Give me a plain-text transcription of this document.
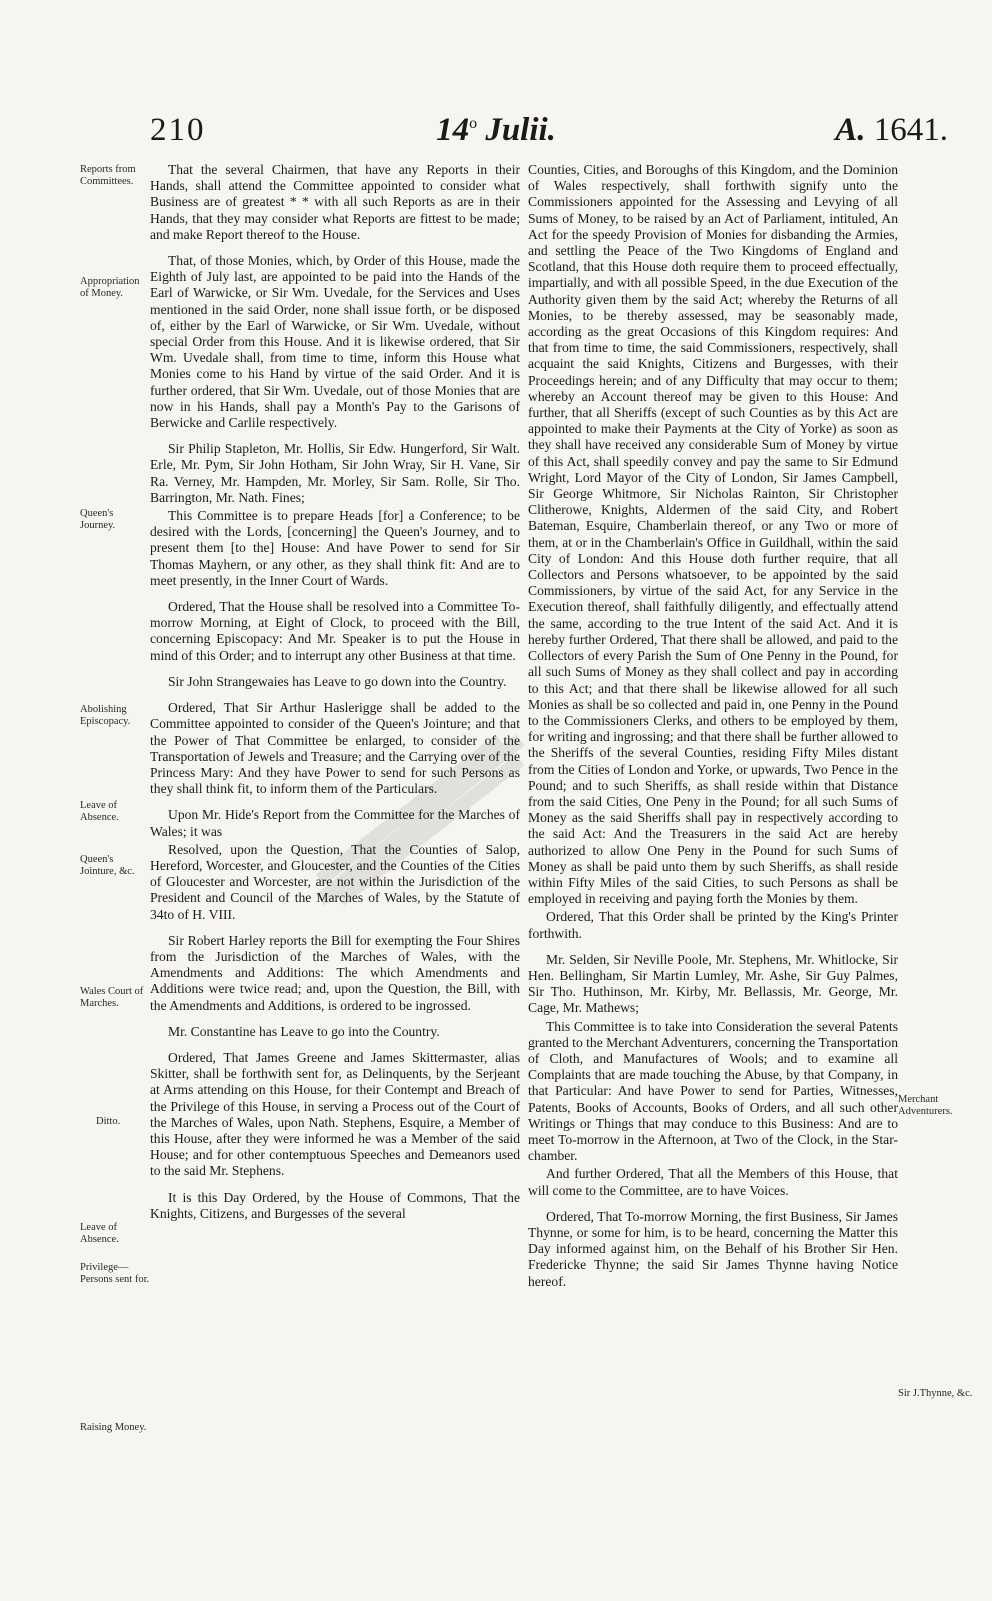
210	14$^o$ Julii.	A. 1641.
Reports from Committees.
Appropriation of Money.
Queen's Journey.
Abolishing Episcopacy.
Leave of Absence.
Queen's Jointure, &c.
Wales Court of Marches.
Ditto.
Leave of Absence.
Privilege—Persons sent for.
Raising Money.
Merchant Adventurers.
Sir J.Thynne, &c.

That the several Chairmen, that have any Reports in their Hands, shall attend the Committee appointed to consider what Business are of greatest * * with all such Reports as are in their Hands, that they may consider what Reports are fittest to be made; and make Report thereof to the House.

That, of those Monies, which, by Order of this House, made the Eighth of July last, are appointed to be paid into the Hands of the Earl of Warwicke, or Sir Wm. Uvedale, for the Services and Uses mentioned in the said Order, none shall issue forth, or be disposed of, either by the Earl of Warwicke, or Sir Wm. Uvedale, without special Order from this House. And it is likewise ordered, that Sir Wm. Uvedale shall, from time to time, inform this House what Monies come to his Hand by virtue of the said Order. And it is further ordered, that Sir Wm. Uvedale, out of those Monies that are now in his Hands, shall pay a Month's Pay to the Garisons of Berwicke and Carlile respectively.

Sir Philip Stapleton, Mr. Hollis, Sir Edw. Hungerford, Sir Walt. Erle, Mr. Pym, Sir John Hotham, Sir John Wray, Sir H. Vane, Sir Ra. Verney, Mr. Hampden, Mr. Morley, Sir Sam. Rolle, Sir Tho. Barrington, Mr. Nath. Fines;

This Committee is to prepare Heads [for] a Conference; to be desired with the Lords, [concerning] the Queen's Journey, and to present them [to the] House: And have Power to send for Sir Thomas Mayhern, or any other, as they shall think fit: And are to meet presently, in the Inner Court of Wards.

Ordered, That the House shall be resolved into a Committee To-morrow Morning, at Eight of Clock, to proceed with the Bill, concerning Episcopacy: And Mr. Speaker is to put the House in mind of this Order; and to interrupt any other Business at that time.

Sir John Strangewaies has Leave to go down into the Country.

Ordered, That Sir Arthur Haslerigge shall be added to the Committee appointed to consider of the Queen's Jointure; and that the Power of That Committee be enlarged, to consider of the Transportation of Jewels and Treasure; and the Carrying over of the Princess Mary: And they have Power to send for such Persons as they shall think fit, to inform them of the Particulars.

Upon Mr. Hide's Report from the Committee for the Marches of Wales; it was

Resolved, upon the Question, That the Counties of Salop, Hereford, Worcester, and Gloucester, and the Counties of the Cities of Gloucester and Worcester, are not within the Jurisdiction of the President and Council of the Marches of Wales, by the Statute of 34to of H. VIII.

Sir Robert Harley reports the Bill for exempting the Four Shires from the Jurisdiction of the Marches of Wales, with the Amendments and Additions: The which Amendments and Additions were twice read; and, upon the Question, the Bill, with the Amendments and Additions, is ordered to be ingrossed.

Mr. Constantine has Leave to go into the Country.

Ordered, That James Greene and James Skittermaster, alias Skitter, shall be forthwith sent for, as Delinquents, by the Serjeant at Arms attending on this House, for their Contempt and Breach of the Privilege of this House, in serving a Process out of the Court of the Marches of Wales, upon Nath. Stephens, Esquire, a Member of this House, after they were informed he was a Member of the said House; and for other contemptuous Speeches and Demeanors used to the said Mr. Stephens.

It is this Day Ordered, by the House of Commons, That the Knights, Citizens, and Burgesses of the several

Counties, Cities, and Boroughs of this Kingdom, and the Dominion of Wales respectively, shall forthwith signify unto the Commissioners appointed for the Assessing and Levying of all Sums of Money, to be raised by an Act of Parliament, intituled, An Act for the speedy Provision of Monies for disbanding the Armies, and settling the Peace of the Two Kingdoms of England and Scotland, that this House doth require them to proceed effectually, impartially, and with all possible Speed, in the due Execution of the Authority given them by the said Act; whereby the Returns of all Monies, to be thereby assessed, may be seasonably made, according as the great Occasions of this Kingdom requires: And that from time to time, the said Commissioners, respectively, shall acquaint the said Knights, Citizens and Burgesses, with their Proceedings herein; and of any Difficulty that may occur to them; whereby an Account thereof may be given to this House: And further, that all Sheriffs (except of such Counties as by this Act are appointed to make their Payments at the City of Yorke) as soon as they shall have received any considerable Sum of Money by virtue of this Act, shall speedily convey and pay the same to Sir Edmund Wright, Lord Mayor of the City of London, Sir James Campbell, Sir George Whitmore, Sir Nicholas Rainton, Sir Christopher Clitherowe, Knights, Aldermen of the said City, and Robert Bateman, Esquire, Chamberlain thereof, or any Two or more of them, at or in the Chamberlain's Office in Guildhall, within the said City of London: And this House doth further require, that all Collectors and Persons whatsoever, to be appointed by the said Commissioners, by virtue of the said Act, for any Service in the Execution thereof, shall faithfully diligently, and effectually attend the same, according to the true Intent of the said Act. And it is hereby further Ordered, That there shall be allowed, and paid to the Collectors of every Parish the Sum of One Penny in the Pound, for all such Sums of Money as they shall collect and pay in according to this Act; and that there shall be likewise allowed for all such Monies as shall be so collected and paid in, one Penny in the Pound to the Commissioners Clerks, and others to be employed by them, for writing and ingrossing; and that there shall be further allowed to the Sheriffs of the several Counties, residing Fifty Miles distant from the Cities of London and Yorke, or upwards, Two Pence in the Pound; and to such Sheriffs, as shall reside within that Distance from the said Cities, One Peny in the Pound; for all such Sums of Money as the said Sheriffs shall pay in respectively according to the said Act: And the Treasurers in the said Act are hereby authorized to allow One Peny in the Pound for such Sums of Money as shall be paid unto them by such Sheriffs, as shall reside within Fifty Miles of the said Cities, to such Persons as shall be employed in receiving and paying forth the Monies by them.

Ordered, That this Order shall be printed by the King's Printer forthwith.

Mr. Selden, Sir Neville Poole, Mr. Stephens, Mr. Whitlocke, Sir Hen. Bellingham, Sir Martin Lumley, Mr. Ashe, Sir Guy Palmes, Sir Tho. Huthinson, Mr. Kirby, Mr. Bellassis, Mr. George, Mr. Cage, Mr. Mathews;

This Committee is to take into Consideration the several Patents granted to the Merchant Adventurers, concerning the Transportation of Cloth, and Manufactures of Wools; and to examine all Complaints that are made touching the Abuse, by that Company, in that Particular: And have Power to send for Parties, Witnesses, Patents, Books of Accounts, Books of Orders, and all such other Writings or Things that may conduce to this Business: And are to meet To-morrow in the Afternoon, at Two of the Clock, in the Star-chamber.

And further Ordered, That all the Members of this House, that will come to the Committee, are to have Voices.

Ordered, That To-morrow Morning, the first Business, Sir James Thynne, or some for him, is to be heard, concerning the Matter this Day informed against him, on the Behalf of his Brother Sir Hen. Fredericke Thynne; the said Sir James Thynne having Notice hereof.
